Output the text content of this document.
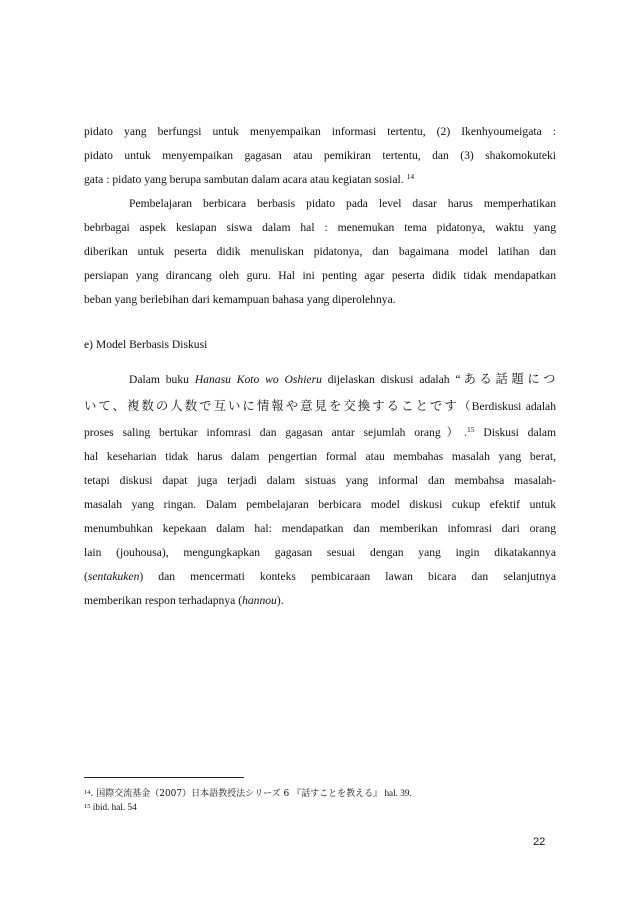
pidato yang berfungsi untuk menyempaikan informasi tertentu, (2) Ikenhyoumeigata :
pidato untuk menyempaikan gagasan atau pemikiran tertentu, dan (3) shakomokuteki
gata : pidato yang berupa sambutan dalam acara atau kegiatan sosial. $^{14}$
Pembelajaran berbicara berbasis pidato pada level dasar harus memperhatikan
bebrbagai aspek kesiapan siswa dalam hal : menemukan tema pidatonya, waktu yang
diberikan untuk peserta didik menuliskan pidatonya, dan bagaimana model latihan dan
persiapan yang dirancang oleh guru. Hal ini penting agar peserta didik tidak mendapatkan
beban yang berlebihan dari kemampuan bahasa yang diperolehnya.
e) Model Berbasis Diskusi
Dalam buku Hanasu Koto wo Oshieru dijelaskan diskusi adalah “ある話題につ
いて、複数の人数で互いに情報や意見を交換することです（Berdiskusi adalah
proses saling bertukar infomrasi dan gagasan antar sejumlah orang）.$^{15}$ Diskusi dalam
hal keseharian tidak harus dalam pengertian formal atau membahas masalah yang berat,
tetapi diskusi dapat juga terjadi dalam sistuas yang informal dan membahsa masalah-
masalah yang ringan. Dalam pembelajaran berbicara model diskusi cukup efektif untuk
menumbuhkan kepekaan dalam hal: mendapatkan dan memberikan infomrasi dari orang
lain (jouhousa), mengungkapkan gagasan sesuai dengan yang ingin dikatakannya
(sentakuken) dan mencermati konteks pembicaraan lawan bicara dan selanjutnya
memberikan respon terhadapnya (hannou).
$^{14}$. 国際交流基金（2007）日本語教授法シリーズ 6 『話すことを教える』 hal. 39.
$^{15}$ ibid. hal. 54
22
